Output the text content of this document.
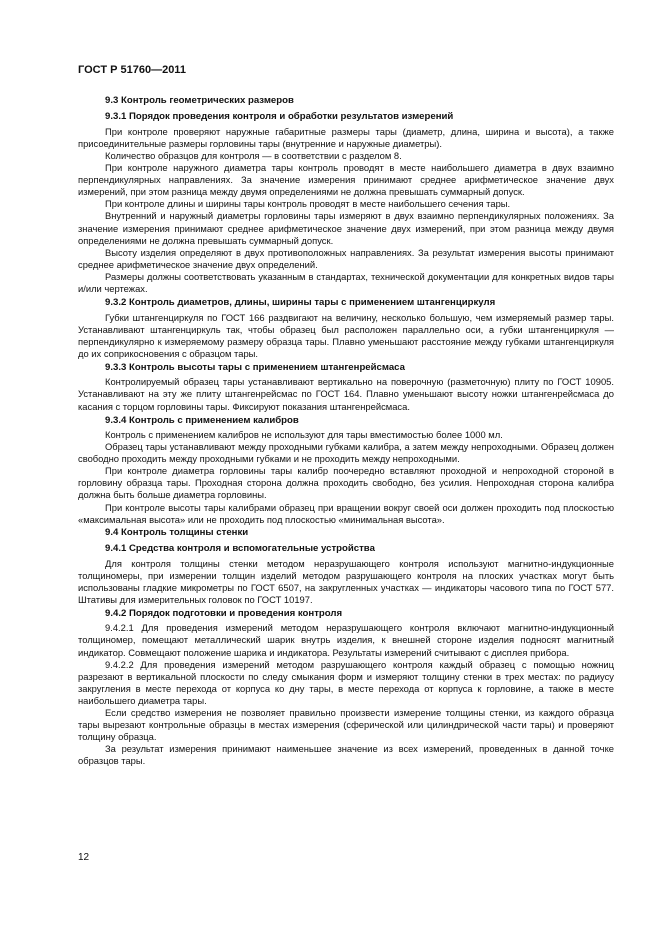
ГОСТ Р 51760—2011
9.3 Контроль геометрических размеров
9.3.1 Порядок проведения контроля и обработки результатов измерений

При контроле проверяют наружные габаритные размеры тары (диаметр, длина, ширина и высота), а также присоединительные размеры горловины тары (внутренние и наружные диаметры).

Количество образцов для контроля — в соответствии с разделом 8.

При контроле наружного диаметра тары контроль проводят в месте наибольшего диаметра в двух взаимно перпендикулярных направлениях. За значение измерения принимают среднее арифметическое значение двух измерений, при этом разница между двумя определениями не должна превышать суммарный допуск.

При контроле длины и ширины тары контроль проводят в месте наибольшего сечения тары.

Внутренний и наружный диаметры горловины тары измеряют в двух взаимно перпендикулярных положениях. За значение измерения принимают среднее арифметическое значение двух измерений, при этом разница между двумя определениями не должна превышать суммарный допуск.

Высоту изделия определяют в двух противоположных направлениях. За результат измерения высоты принимают среднее арифметическое значение двух определений.

Размеры должны соответствовать указанным в стандартах, технической документации для конкретных видов тары и/или чертежах.

9.3.2 Контроль диаметров, длины, ширины тары с применением штангенциркуля

Губки штангенциркуля по ГОСТ 166 раздвигают на величину, несколько большую, чем измеряемый размер тары. Устанавливают штангенциркуль так, чтобы образец был расположен параллельно оси, а губки штангенциркуля — перпендикулярно к измеряемому размеру образца тары. Плавно уменьшают расстояние между губками штангенциркуля до их соприкосновения с образцом тары.

9.3.3 Контроль высоты тары с применением штангенрейсмаса

Контролируемый образец тары устанавливают вертикально на поверочную (разметочную) плиту по ГОСТ 10905. Устанавливают на эту же плиту штангенрейсмас по ГОСТ 164. Плавно уменьшают высоту ножки штангенрейсмаса до касания с торцом горловины тары. Фиксируют показания штангенрейсмаса.

9.3.4 Контроль с применением калибров

Контроль с применением калибров не используют для тары вместимостью более 1000 мл.

Образец тары устанавливают между проходными губками калибра, а затем между непроходными. Образец должен свободно проходить между проходными губками и не проходить между непроходными.

При контроле диаметра горловины тары калибр поочередно вставляют проходной и непроходной стороной в горловину образца тары. Проходная сторона должна проходить свободно, без усилия. Непроходная сторона калибра должна быть больше диаметра горловины.

При контроле высоты тары калибрами образец при вращении вокруг своей оси должен проходить под плоскостью «максимальная высота» или не проходить под плоскостью «минимальная высота».

9.4 Контроль толщины стенки
9.4.1 Средства контроля и вспомогательные устройства

Для контроля толщины стенки методом неразрушающего контроля используют магнитно-индукционные толщиномеры, при измерении толщин изделий методом разрушающего контроля на плоских участках могут быть использованы гладкие микрометры по ГОСТ 6507, на закругленных участках — индикаторы часового типа по ГОСТ 577. Штативы для измерительных головок по ГОСТ 10197.

9.4.2 Порядок подготовки и проведения контроля

9.4.2.1 Для проведения измерений методом неразрушающего контроля включают магнитно-индукционный толщиномер, помещают металлический шарик внутрь изделия, к внешней стороне изделия подносят магнитный индикатор. Совмещают положение шарика и индикатора. Результаты измерений считывают с дисплея прибора.

9.4.2.2 Для проведения измерений методом разрушающего контроля каждый образец с помощью ножниц разрезают в вертикальной плоскости по следу смыкания форм и измеряют толщину стенки в трех местах: по радиусу закругления в месте перехода от корпуса ко дну тары, в месте перехода от корпуса к горловине, а также в месте наибольшего диаметра тары.

Если средство измерения не позволяет правильно произвести измерение толщины стенки, из каждого образца тары вырезают контрольные образцы в местах измерения (сферической или цилиндрической части тары) и проверяют толщину образца.

За результат измерения принимают наименьшее значение из всех измерений, проведенных в данной точке образцов тары.

12
